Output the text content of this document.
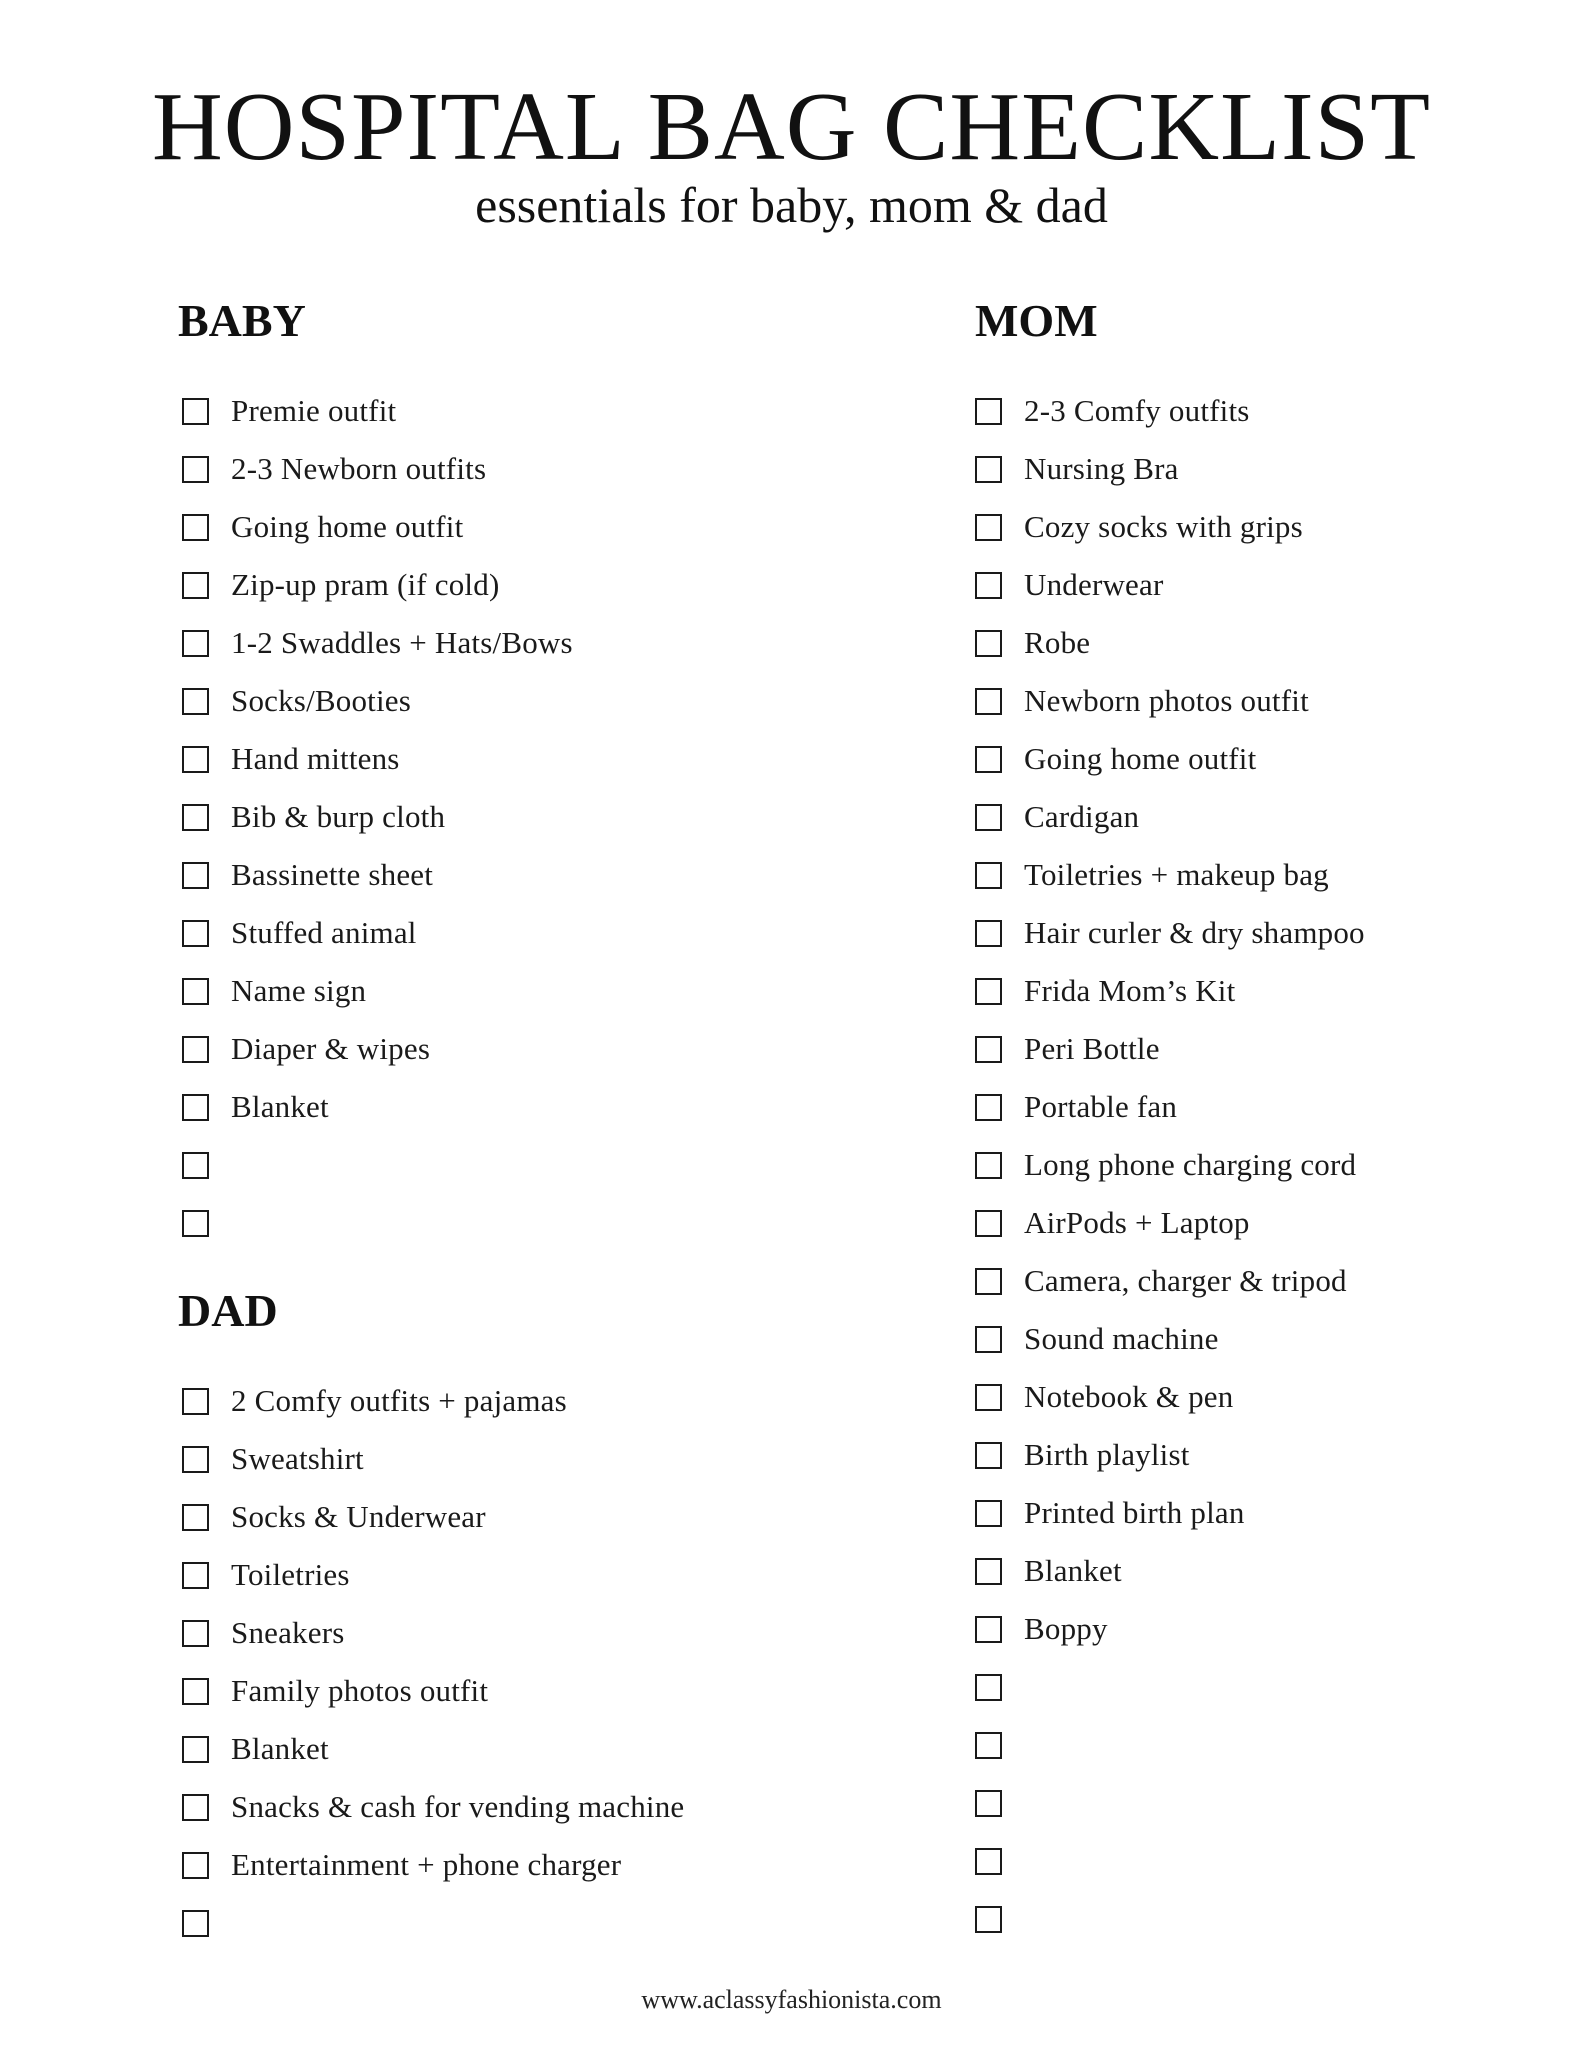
HOSPITAL BAG CHECKLIST
essentials for baby, mom & dad
BABY
Premie outfit
2-3 Newborn outfits
Going home outfit
Zip-up pram (if cold)
1-2 Swaddles + Hats/Bows
Socks/Booties
Hand mittens
Bib & burp cloth
Bassinette sheet
Stuffed animal
Name sign
Diaper & wipes
Blanket
DAD
2 Comfy outfits + pajamas
Sweatshirt
Socks & Underwear
Toiletries
Sneakers
Family photos outfit
Blanket
Snacks & cash for vending machine
Entertainment + phone charger
MOM
2-3 Comfy outfits
Nursing Bra
Cozy socks with grips
Underwear
Robe
Newborn photos outfit
Going home outfit
Cardigan
Toiletries + makeup bag
Hair curler & dry shampoo
Frida Mom’s Kit
Peri Bottle
Portable fan
Long phone charging cord
AirPods + Laptop
Camera, charger & tripod
Sound machine
Notebook & pen
Birth playlist
Printed birth plan
Blanket
Boppy
www.aclassyfashionista.com
